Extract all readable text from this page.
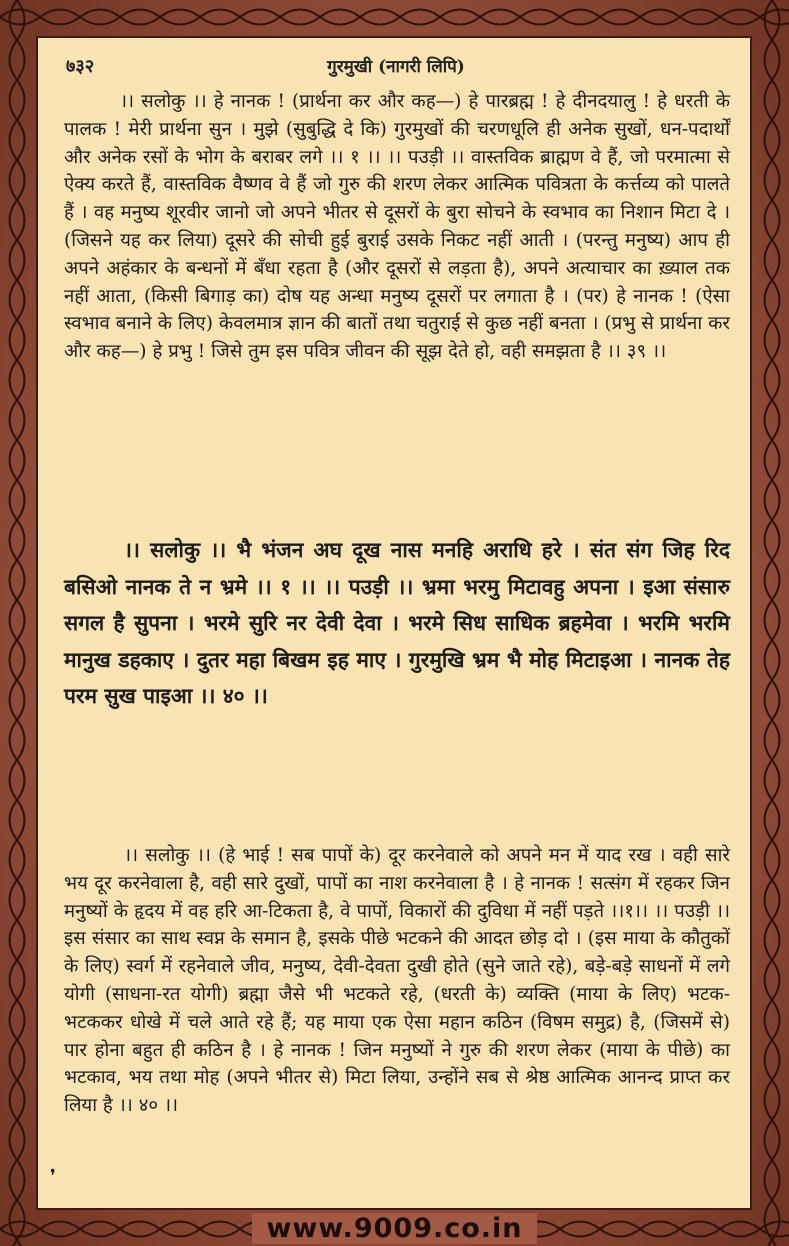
www.9009.co.in
गुरमुखी (नागरी लिपि)
७३२

।। सलोकु ।। हे नानक ! (प्रार्थना कर और कह—) हे पारब्रह्म ! हे दीनदयालु ! हे धरती के पालक ! मेरी प्रार्थना सुन । मुझे (सुबुद्धि दे कि) गुरमुखों की चरणधूलि ही अनेक सुखों, धन-पदार्थों और अनेक रसों के भोग के बराबर लगे ।। १ ।। ।। पउड़ी ।। वास्तविक ब्राह्मण वे हैं, जो परमात्मा से ऐक्य करते हैं, वास्तविक वैष्णव वे हैं जो गुरु की शरण लेकर आत्मिक पवित्रता के कर्त्तव्य को पालते हैं । वह मनुष्य शूरवीर जानो जो अपने भीतर से दूसरों के बुरा सोचने के स्वभाव का निशान मिटा दे । (जिसने यह कर लिया) दूसरे की सोची हुई बुराई उसके निकट नहीं आती । (परन्तु मनुष्य) आप ही अपने अहंकार के बन्धनों में बँधा रहता है (और दूसरों से लड़ता है), अपने अत्याचार का ख़्याल तक नहीं आता, (किसी बिगाड़ का) दोष यह अन्धा मनुष्य दूसरों पर लगाता है । (पर) हे नानक ! (ऐसा स्वभाव बनाने के लिए) केवलमात्र ज्ञान की बातों तथा चतुराई से कुछ नहीं बनता । (प्रभु से प्रार्थना कर और कह—) हे प्रभु ! जिसे तुम इस पवित्र जीवन की सूझ देते हो, वही समझता है ।। ३९ ।।

।। सलोकु ।। भै भंजन अघ दूख नास मनहि अराधि हरे । संत संग जिह रिद बसिओ नानक ते न भ्रमे ।। १ ।। ।। पउड़ी ।। भ्रमा भरमु मिटावहु अपना । इआ संसारु सगल है सुपना । भरमे सुरि नर देवी देवा । भरमे सिध साधिक ब्रहमेवा । भरमि भरमि मानुख डहकाए । दुतर महा बिखम इह माए । गुरमुखि भ्रम भै मोह मिटाइआ । नानक तेह परम सुख पाइआ ।। ४० ।।

।। सलोकु ।। (हे भाई ! सब पापों के) दूर करनेवाले को अपने मन में याद रख । वही सारे भय दूर करनेवाला है, वही सारे दुखों, पापों का नाश करनेवाला है । हे नानक ! सत्संग में रहकर जिन मनुष्यों के हृदय में वह हरि आ-टिकता है, वे पापों, विकारों की दुविधा में नहीं पड़ते ।।१।। ।। पउड़ी ।। इस संसार का साथ स्वप्न के समान है, इसके पीछे भटकने की आदत छोड़ दो । (इस माया के कौतुकों के लिए) स्वर्ग में रहनेवाले जीव, मनुष्य, देवी-देवता दुखी होते (सुने जाते रहे), बड़े-बड़े साधनों में लगे योगी (साधना-रत योगी) ब्रह्मा जैसे भी भटकते रहे, (धरती के) व्यक्ति (माया के लिए) भटक-भटककर धोखे में चले आते रहे हैं; यह माया एक ऐसा महान कठिन (विषम समुद्र) है, (जिसमें से) पार होना बहुत ही कठिन है । हे नानक ! जिन मनुष्यों ने गुरु की शरण लेकर (माया के पीछे) का भटकाव, भय तथा मोह (अपने भीतर से) मिटा लिया, उन्होंने सब से श्रेष्ठ आत्मिक आनन्द प्राप्त कर लिया है ।। ४० ।।

❜
